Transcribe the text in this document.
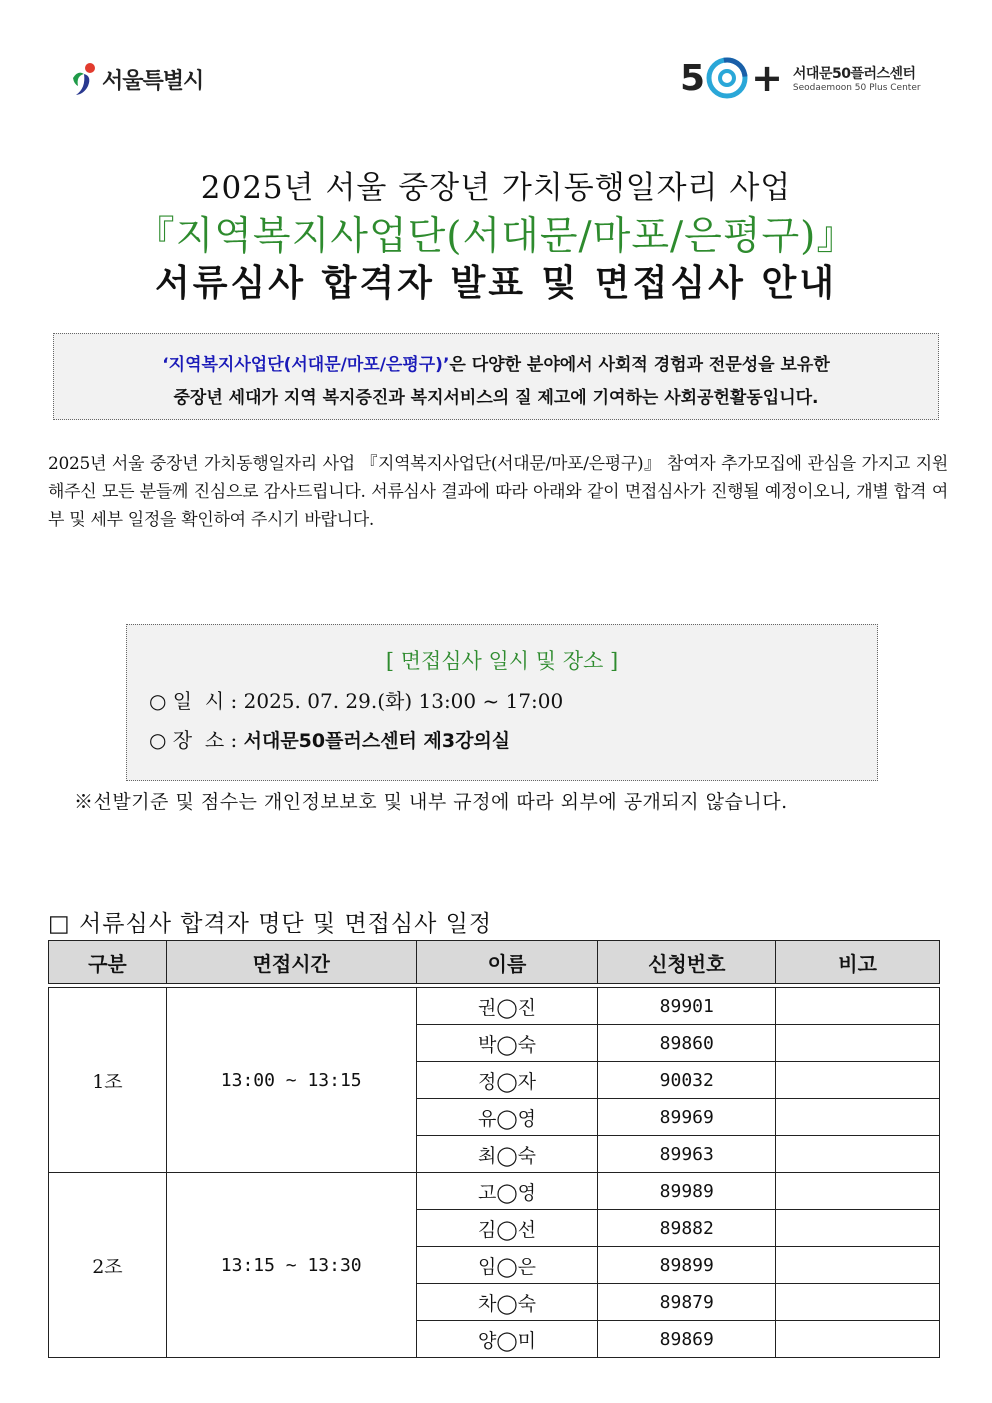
서울특별시	5 + 서대문50플러스센터
Seodaemoon 50 Plus Center
2025년 서울 중장년 가치동행일자리 사업
『지역복지사업단(서대문/마포/은평구)』
서류심사 합격자 발표 및 면접심사 안내
‘지역복지사업단(서대문/마포/은평구)’은 다양한 분야에서 사회적 경험과 전문성을 보유한
중장년 세대가 지역 복지증진과 복지서비스의 질 제고에 기여하는 사회공헌활동입니다.
2025년 서울 중장년 가치동행일자리 사업 『지역복지사업단(서대문/마포/은평구)』 참여자 추가모집에 관심을 가지고 지원해주신 모든 분들께 진심으로 감사드립니다. 서류심사 결과에 따라 아래와 같이 면접심사가 진행될 예정이오니, 개별 합격 여부 및 세부 일정을 확인하여 주시기 바랍니다.
[ 면접심사 일시 및 장소 ]
○ 일  시 : 2025. 07. 29.(화) 13:00 ~ 17:00
○ 장  소 : 서대문50플러스센터 제3강의실
※선발기준 및 점수는 개인정보보호 및 내부 규정에 따라 외부에 공개되지 않습니다.
□ 서류심사 합격자 명단 및 면접심사 일정
구분	면접시간	이름	신청번호	비고

1조	13:00 ~ 13:15	권◯진	89901	
		박◯숙	89860	
		정◯자	90032	
		유◯영	89969	
		최◯숙	89963	
2조	13:15 ~ 13:30	고◯영	89989	
		김◯선	89882	
		임◯은	89899	
		차◯숙	89879	
		양◯미	89869	
